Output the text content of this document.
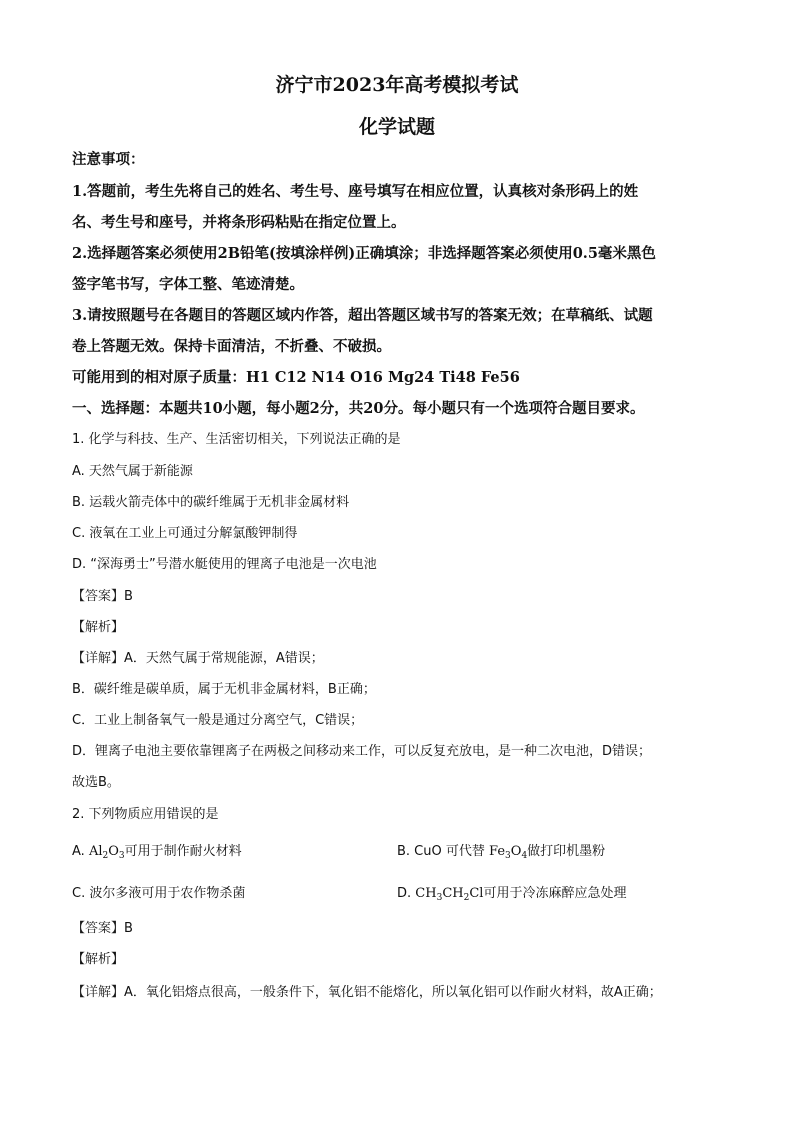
济宁市2023年高考模拟考试
化学试题
注意事项：
1.答题前，考生先将自己的姓名、考生号、座号填写在相应位置，认真核对条形码上的姓
名、考生号和座号，并将条形码粘贴在指定位置上。
2.选择题答案必须使用2B铅笔(按填涂样例)正确填涂；非选择题答案必须使用0.5毫米黑色
签字笔书写，字体工整、笔迹清楚。
3.请按照题号在各题目的答题区域内作答，超出答题区域书写的答案无效；在草稿纸、试题
卷上答题无效。保持卡面清洁，不折叠、不破损。
可能用到的相对原子质量：H1 C12 N14 O16 Mg24 Ti48 Fe56
一、选择题：本题共10小题，每小题2分，共20分。每小题只有一个选项符合题目要求。
1. 化学与科技、生产、生活密切相关，下列说法正确的是
A. 天然气属于新能源
B. 运载火箭壳体中的碳纤维属于无机非金属材料
C. 液氧在工业上可通过分解氯酸钾制得
D. “深海勇士”号潜水艇使用的锂离子电池是一次电池
【答案】B
【解析】
【详解】A．天然气属于常规能源，A错误；
B．碳纤维是碳单质，属于无机非金属材料，B正确；
C．工业上制备氧气一般是通过分离空气，C错误；
D．锂离子电池主要依靠锂离子在两极之间移动来工作，可以反复充放电，是一种二次电池，D错误；
故选B。
2. 下列物质应用错误的是
A. $Al_2O_3$可用于制作耐火材料	B. CuO 可代替 $Fe_3O_4$做打印机墨粉
C. 波尔多液可用于农作物杀菌	D. $CH_3CH_2Cl$可用于冷冻麻醉应急处理
【答案】B
【解析】
【详解】A．氧化铝熔点很高，一般条件下，氧化铝不能熔化，所以氧化铝可以作耐火材料，故A正确；
